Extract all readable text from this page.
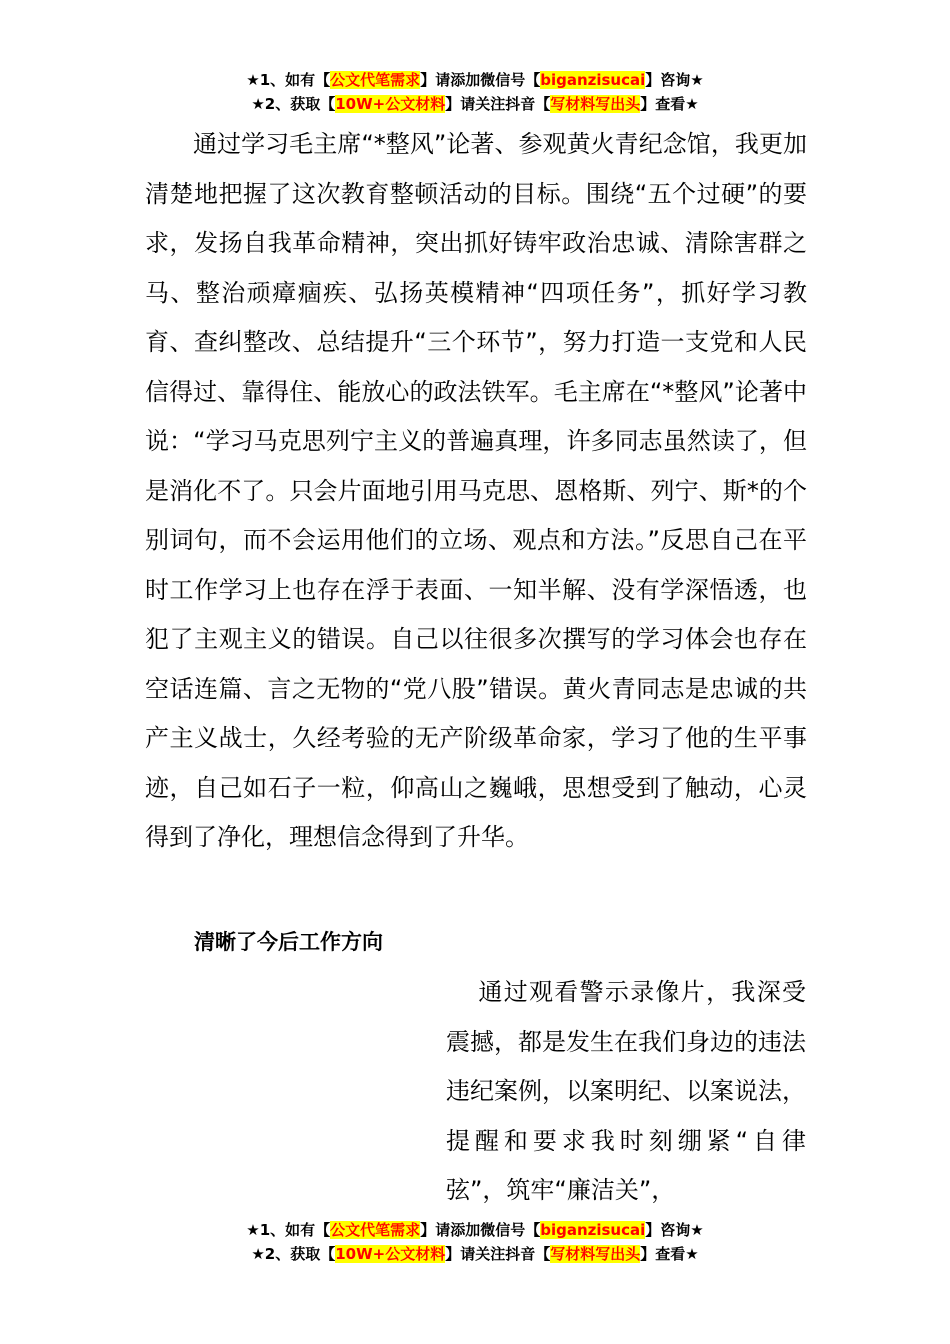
★1、如有【公文代笔需求】请添加微信号【biganzisucai】咨询★
★2、获取【10W+公文材料】请关注抖音【写材料写出头】查看★

通过学习毛主席“*整风”论著、参观黄火青纪念馆，我更加清楚地把握了这次教育整顿活动的目标。围绕“五个过硬”的要求，发扬自我革命精神，突出抓好铸牢政治忠诚、清除害群之马、整治顽瘴痼疾、弘扬英模精神“四项任务”，抓好学习教育、查纠整改、总结提升“三个环节”，努力打造一支党和人民信得过、靠得住、能放心的政法铁军。毛主席在“*整风”论著中说：“学习马克思列宁主义的普遍真理，许多同志虽然读了，但是消化不了。只会片面地引用马克思、恩格斯、列宁、斯*的个别词句，而不会运用他们的立场、观点和方法。”反思自己在平时工作学习上也存在浮于表面、一知半解、没有学深悟透，也犯了主观主义的错误。自己以往很多次撰写的学习体会也存在空话连篇、言之无物的“党八股”错误。黄火青同志是忠诚的共产主义战士，久经考验的无产阶级革命家，学习了他的生平事迹，自己如石子一粒，仰高山之巍峨，思想受到了触动，心灵得到了净化，理想信念得到了升华。

清晰了今后工作方向

通过观看警示录像片，我深受震撼，都是发生在我们身边的违法违纪案例，以案明纪、以案说法，提醒和要求我时刻绷紧“自律弦”，筑牢“廉洁关”，

★1、如有【公文代笔需求】请添加微信号【biganzisucai】咨询★
★2、获取【10W+公文材料】请关注抖音【写材料写出头】查看★
